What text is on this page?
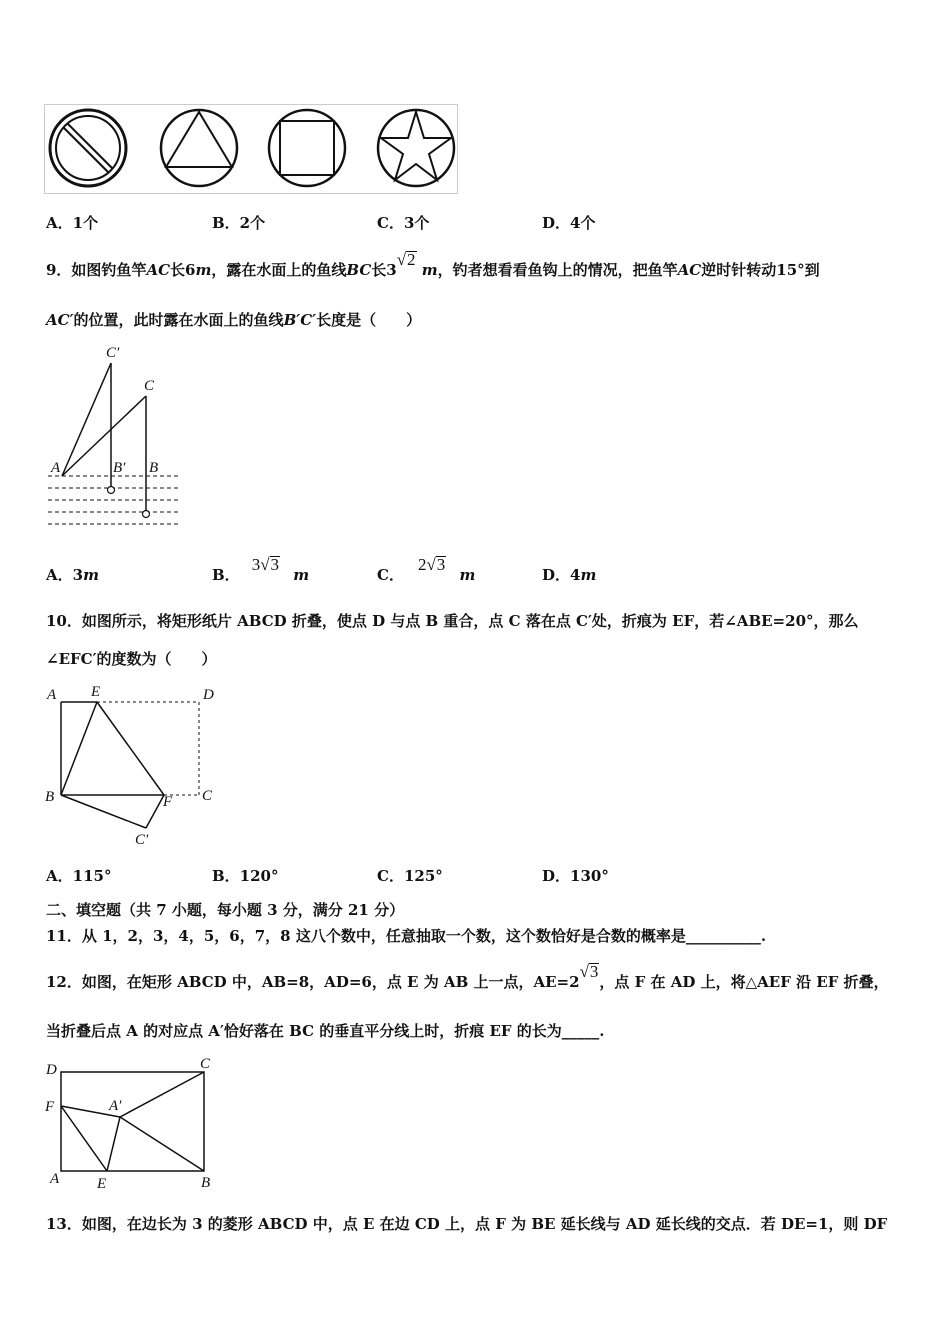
A．1个	B．2个	C．3个	D．4个
9．如图钓鱼竿AC长6m，露在水面上的鱼线BC长3√2 m，钓者想看看鱼钩上的情况，把鱼竿AC逆时针转动15°到
AC′的位置，此时露在水面上的鱼线B′C′长度是（　　）
C′
C
A	B′ B
A．3m	B．3√3 m	C．2√3 m	D．4m
10．如图所示，将矩形纸片 ABCD 折叠，使点 D 与点 B 重合，点 C 落在点 C′处，折痕为 EF，若∠ABE=20°，那么
∠EFC′的度数为（　　）
A E	D
B	F C
C′
A．115°	B．120°	C．125°	D．130°
二、填空题（共 7 小题，每小题 3 分，满分 21 分）
11．从 1，2，3，4，5，6，7，8 这八个数中，任意抽取一个数，这个数恰好是合数的概率是__________.
12．如图，在矩形 ABCD 中，AB=8，AD=6，点 E 为 AB 上一点，AE=2√3，点 F 在 AD 上，将△AEF 沿 EF 折叠，
当折叠后点 A 的对应点 A′恰好落在 BC 的垂直平分线上时，折痕 EF 的长为_____.
D	C
F	A′
A	E	B
13．如图，在边长为 3 的菱形 ABCD 中，点 E 在边 CD 上，点 F 为 BE 延长线与 AD 延长线的交点．若 DE=1，则 DF
